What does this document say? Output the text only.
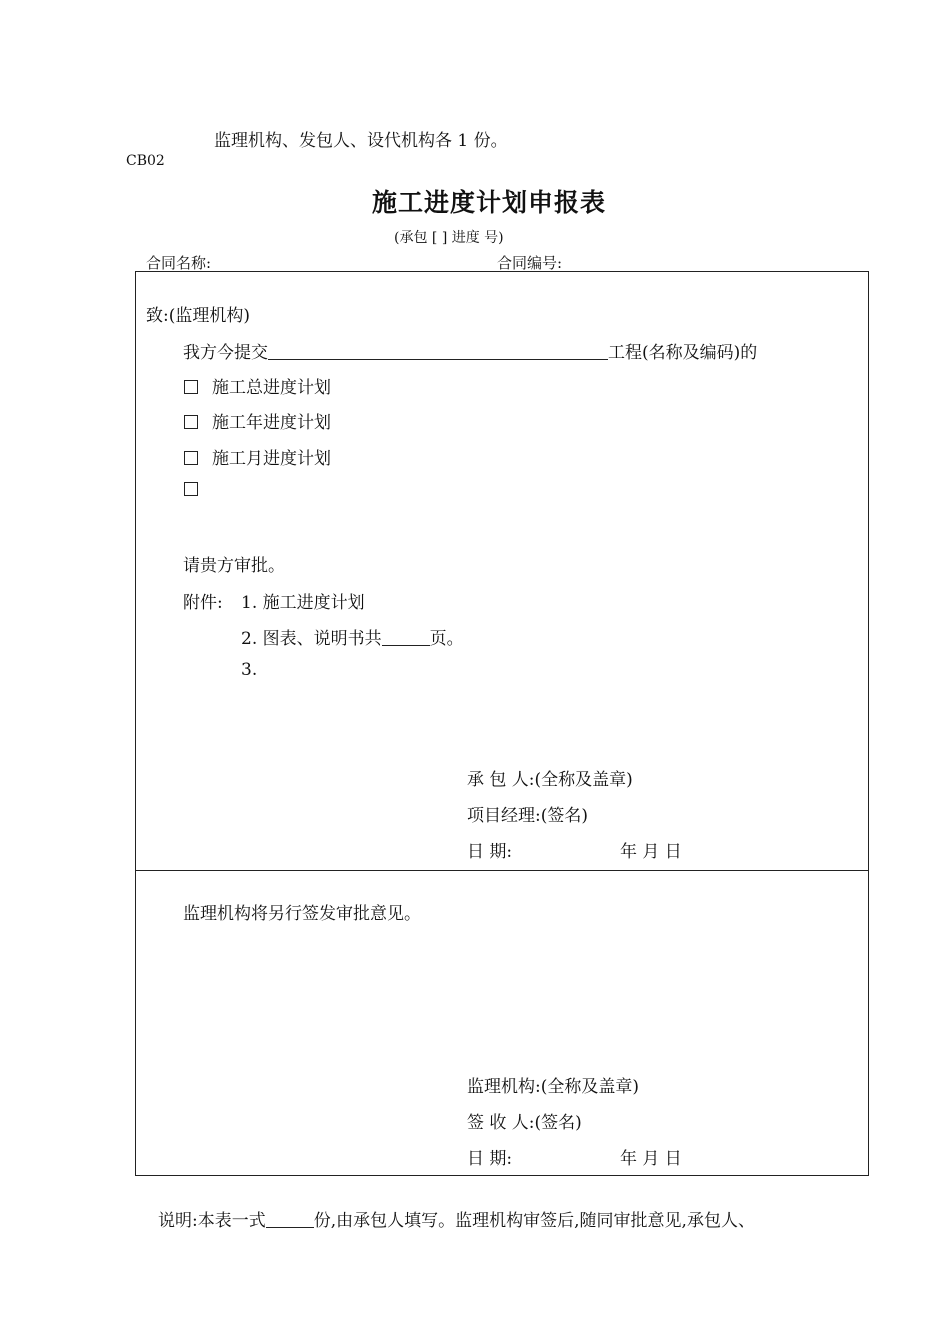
监理机构、发包人、设代机构各 1 份。
CB02
施工进度计划申报表
(承包 [ ] 进度 号)
合同名称:	合同编号:
致:(监理机构)
我方今提交	工程(名称及编码)的
施工总进度计划
施工年进度计划
施工月进度计划
请贵方审批。
附件: 1. 施工进度计划
2. 图表、说明书共	页。
3.
承 包 人:(全称及盖章)
项目经理:(签名)
日 期:	年 月 日
监理机构将另行签发审批意见。
监理机构:(全称及盖章)
签 收 人:(签名)
日 期:	年 月 日
说明:本表一式	份,由承包人填写。监理机构审签后,随同审批意见,承包人、
